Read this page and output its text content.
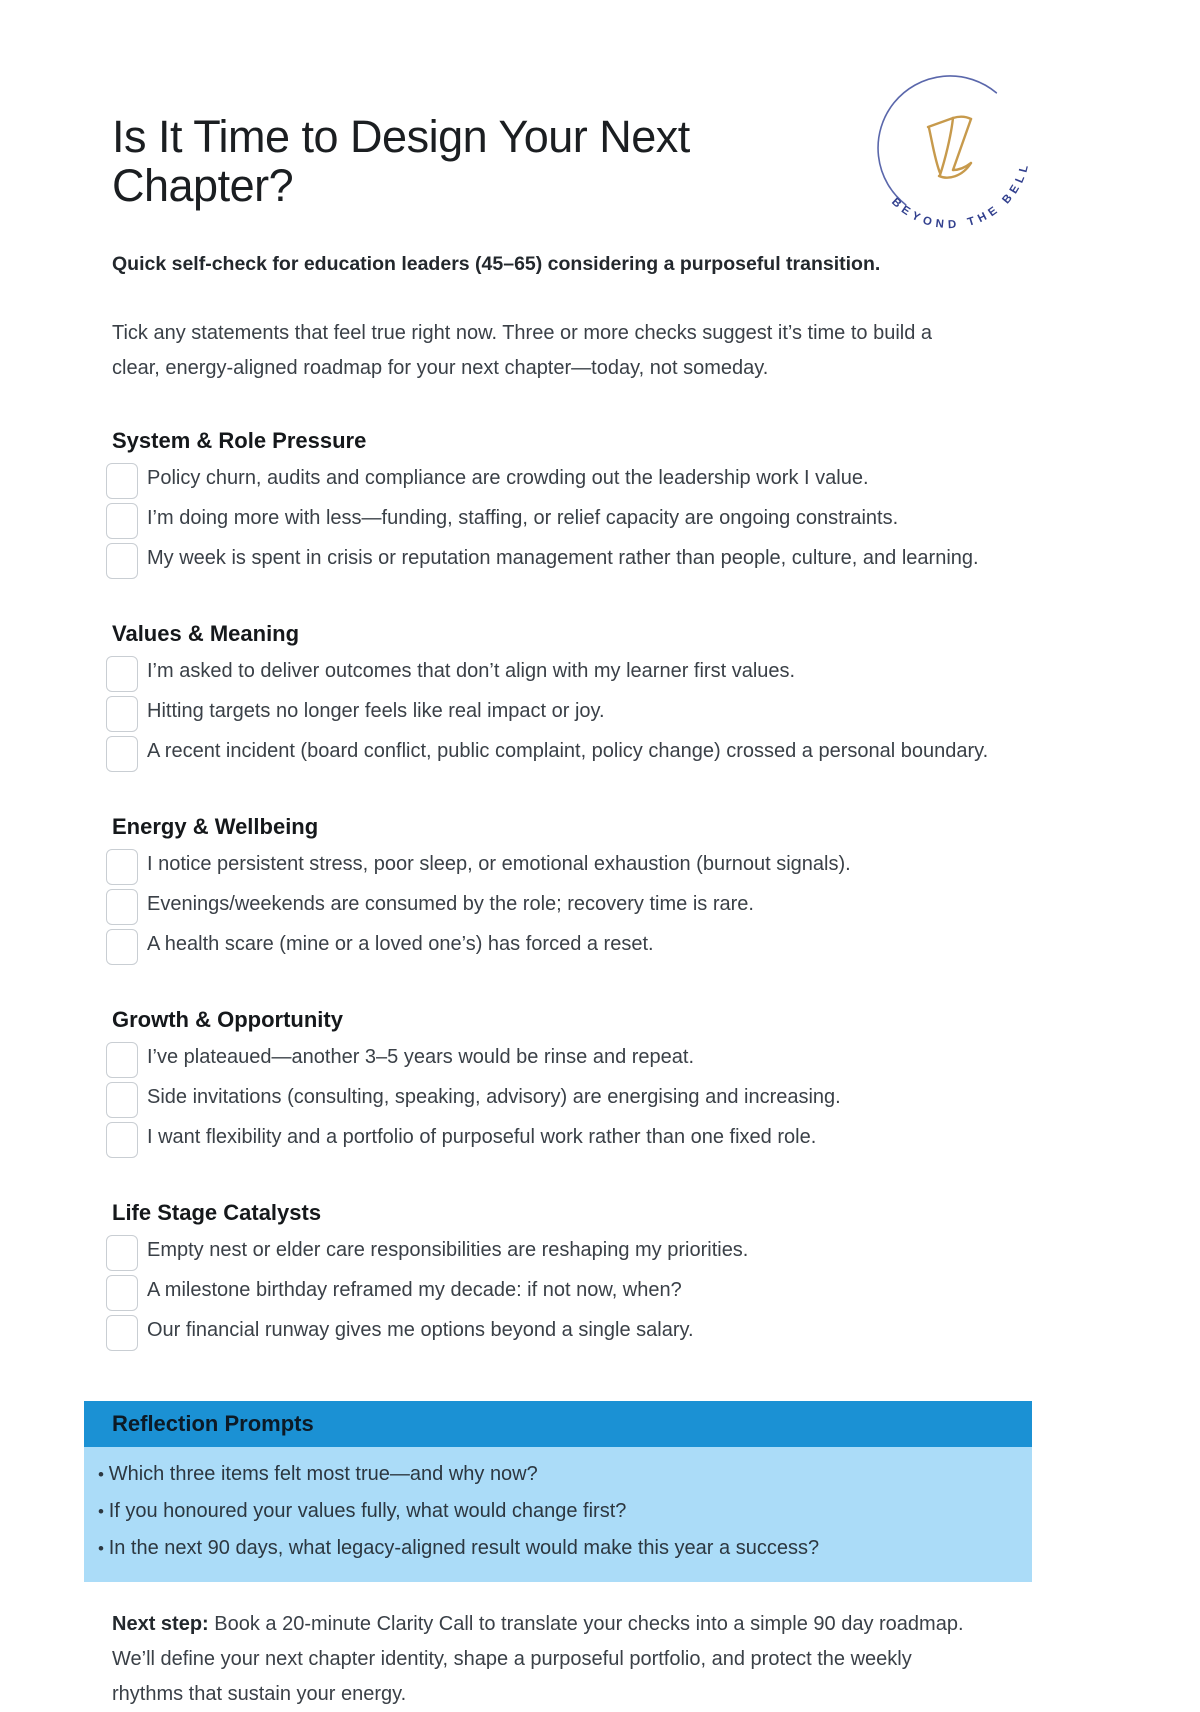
BEYOND THE BELL
Is It Time to Design Your Next Chapter?
Quick self-check for education leaders (45–65) considering a purposeful transition.
Tick any statements that feel true right now. Three or more checks suggest it’s time to build a clear, energy-aligned roadmap for your next chapter—today, not someday.
System & Role Pressure
Policy churn, audits and compliance are crowding out the leadership work I value.
I’m doing more with less—funding, staffing, or relief capacity are ongoing constraints.
My week is spent in crisis or reputation management rather than people, culture, and learning.
Values & Meaning
I’m asked to deliver outcomes that don’t align with my learner first values.
Hitting targets no longer feels like real impact or joy.
A recent incident (board conflict, public complaint, policy change) crossed a personal boundary.
Energy & Wellbeing
I notice persistent stress, poor sleep, or emotional exhaustion (burnout signals).
Evenings/weekends are consumed by the role; recovery time is rare.
A health scare (mine or a loved one’s) has forced a reset.
Growth & Opportunity
I’ve plateaued—another 3–5 years would be rinse and repeat.
Side invitations (consulting, speaking, advisory) are energising and increasing.
I want flexibility and a portfolio of purposeful work rather than one fixed role.
Life Stage Catalysts
Empty nest or elder care responsibilities are reshaping my priorities.
A milestone birthday reframed my decade: if not now, when?
Our financial runway gives me options beyond a single salary.
Reflection Prompts
• Which three items felt most true—and why now?
• If you honoured your values fully, what would change first?
• In the next 90 days, what legacy-aligned result would make this year a success?

Next step: Book a 20-minute Clarity Call to translate your checks into a simple 90 day roadmap. We’ll define your next chapter identity, shape a purposeful portfolio, and protect the weekly rhythms that sustain your energy.
